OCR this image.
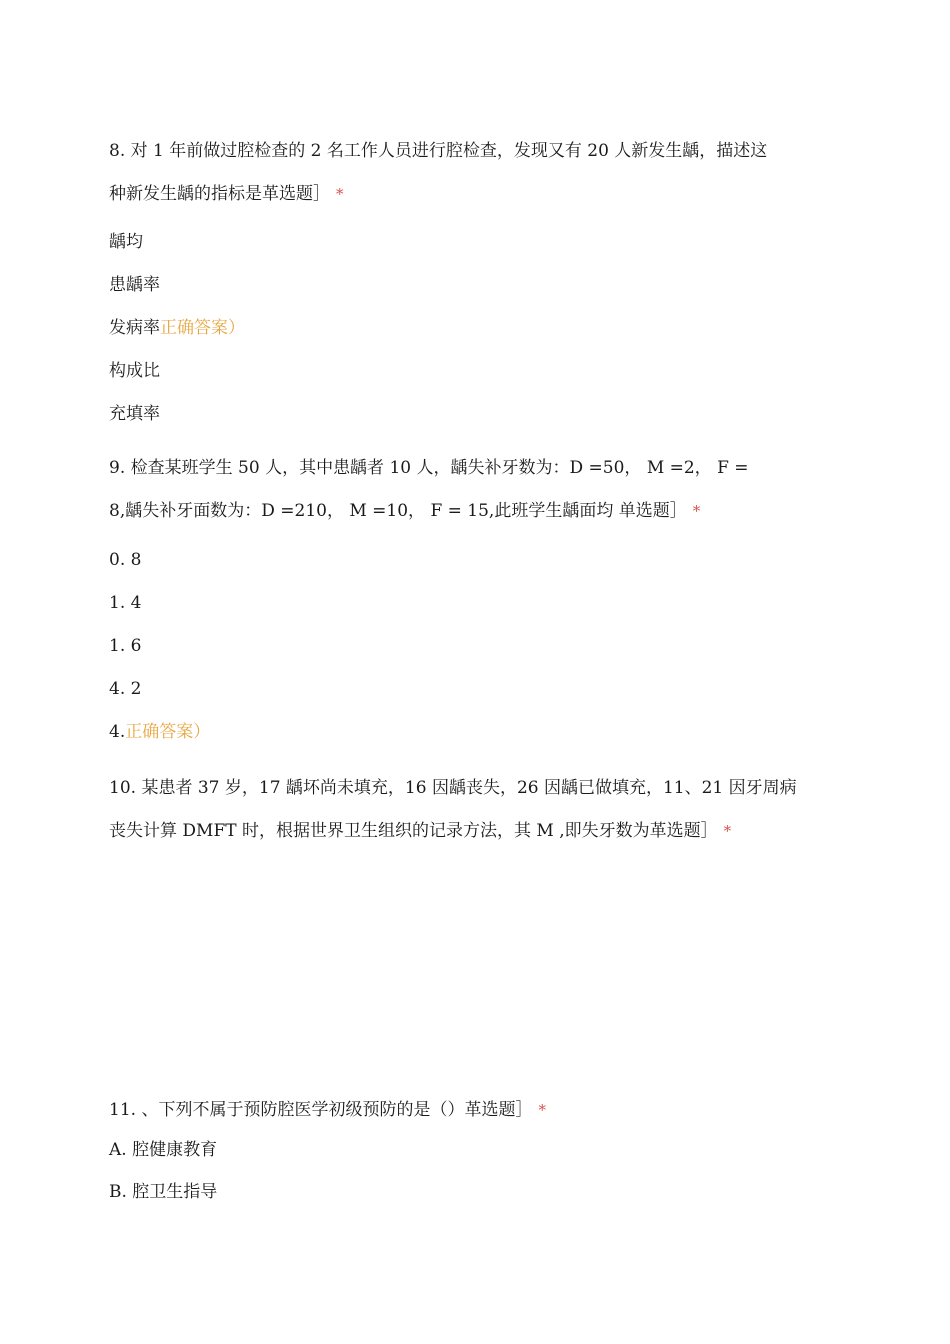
8. 对 1 年前做过腔检查的 2 名工作人员进行腔检查，发现又有 20 人新发生龋，描述这
种新发生龋的指标是革选题］ *
龋均
患龋率
发病率正确答案）
构成比
充填率
9. 检查某班学生 50 人，其中患龋者 10 人，龋失补牙数为：D =50， M =2， F =
8,龋失补牙面数为：D =210， M =10， F = 15,此班学生龋面均 单选题］ *
0. 8
1. 4
1. 6
4. 2
4.正确答案）
10. 某患者 37 岁，17 龋坏尚未填充，16 因龋丧失，26 因龋已做填充，11、21 因牙周病
丧失计算 DMFT 时，根据世界卫生组织的记录方法，其 M ,即失牙数为革选题］ *
11. 、下列不属于预防腔医学初级预防的是（）革选题］ *
A. 腔健康教育
B. 腔卫生指导
